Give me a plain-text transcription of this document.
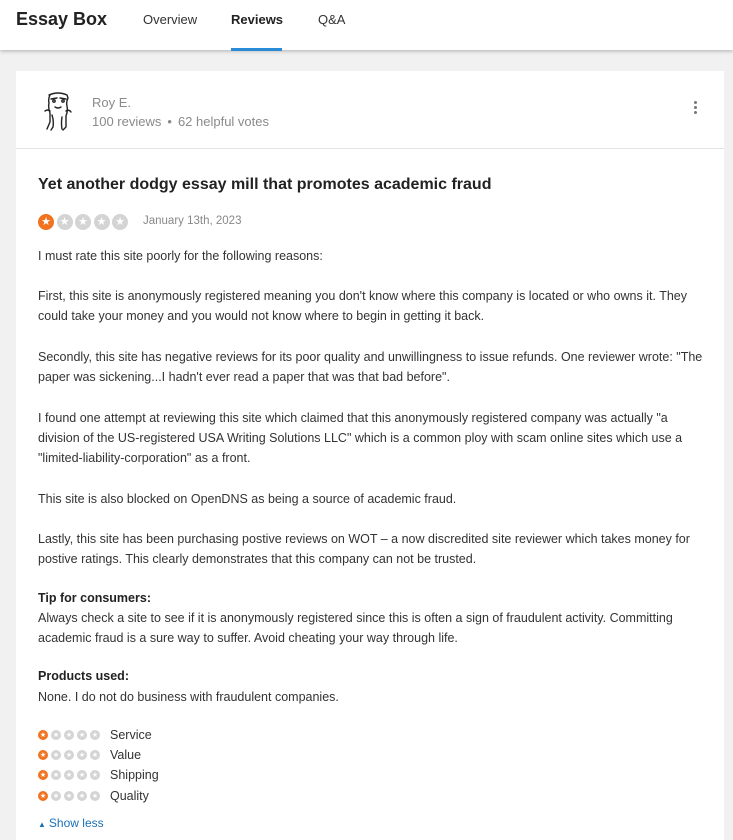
Essay Box	Overview	Reviews	Q&A
Roy E.
100 reviews • 62 helpful votes
Yet another dodgy essay mill that promotes academic fraud
★ ★ ★ ★ ★ January 13th, 2023
I must rate this site poorly for the following reasons:
First, this site is anonymously registered meaning you don't know where this company is located or who owns it. They could take your money and you would not know where to begin in getting it back.
Secondly, this site has negative reviews for its poor quality and unwillingness to issue refunds. One reviewer wrote: "The paper was sickening...I hadn't ever read a paper that was that bad before".
I found one attempt at reviewing this site which claimed that this anonymously registered company was actually "a division of the US-registered USA Writing Solutions LLC" which is a common ploy with scam online sites which use a "limited-liability-corporation" as a front.
This site is also blocked on OpenDNS as being a source of academic fraud.
Lastly, this site has been purchasing postive reviews on WOT – a now discredited site reviewer which takes money for postive ratings. This clearly demonstrates that this company can not be trusted.
Tip for consumers:
Always check a site to see if it is anonymously registered since this is often a sign of fraudulent activity. Committing academic fraud is a sure way to suffer. Avoid cheating your way through life.
Products used:
None. I do not do business with fraudulent companies.
★ ★ ★ ★ ★ Service
★ ★ ★ ★ ★ Value
★ ★ ★ ★ ★ Shipping
★ ★ ★ ★ ★ Quality
▲ Show less
